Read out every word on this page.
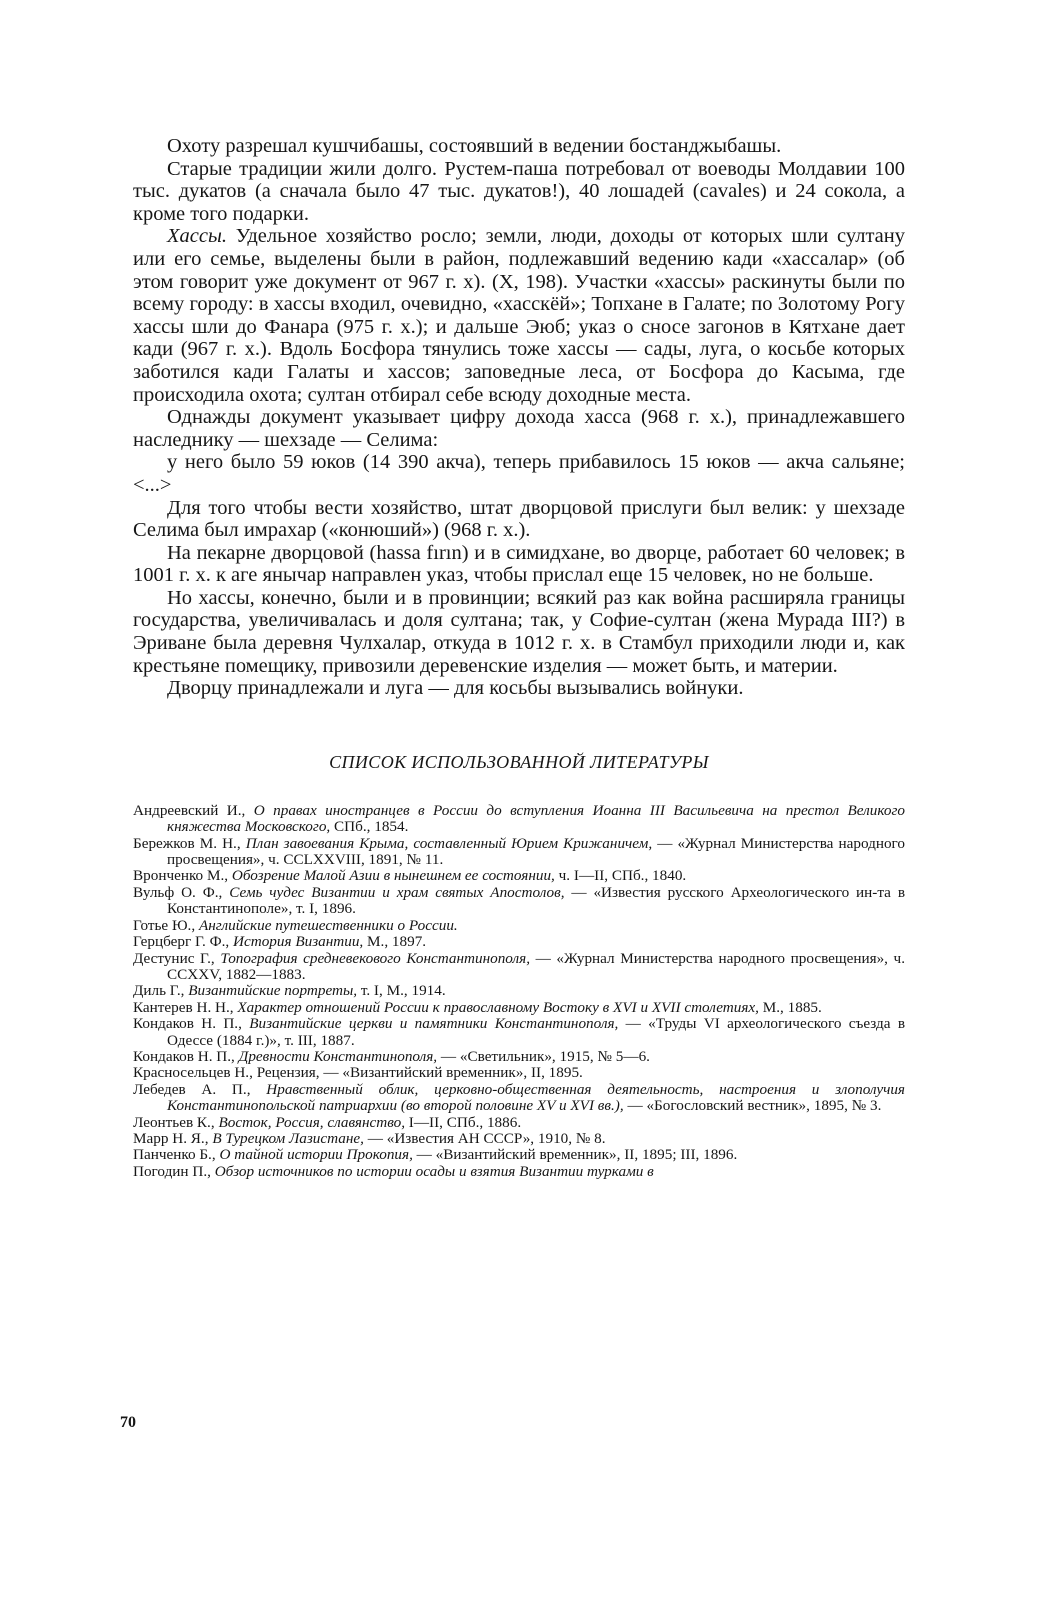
Охоту разрешал кушчибашы, состоявший в ведении бостанджыбашы.

Старые традиции жили долго. Рустем-паша потребовал от воеводы Молдавии 100 тыс. дукатов (а сначала было 47 тыс. дукатов!), 40 лошадей (cavales) и 24 сокола, а кроме того подарки.

Хассы. Удельное хозяйство росло; земли, люди, доходы от которых шли султану или его семье, выделены были в район, подлежавший ведению кади «хассалар» (об этом говорит уже документ от 967 г. х). (X, 198). Участки «хассы» раскинуты были по всему городу: в хассы входил, очевидно, «хасскёй»; Топхане в Галате; по Золотому Рогу хассы шли до Фанара (975 г. х.); и дальше Эюб; указ о сносе загонов в Кятхане дает кади (967 г. х.). Вдоль Босфора тянулись тоже хассы — сады, луга, о косьбе которых заботился кади Галаты и хассов; заповедные леса, от Босфора до Касыма, где происходила охота; султан отбирал себе всюду доходные места.

Однажды документ указывает цифру дохода хасса (968 г. х.), принадлежавшего наследнику — шехзаде — Селима:

у него было 59 юков (14 390 акча), теперь прибавилось 15 юков — акча сальяне; <...>

Для того чтобы вести хозяйство, штат дворцовой прислуги был велик: у шехзаде Селима был имрахар («конюший») (968 г. х.).

На пекарне дворцовой (hassa fırın) и в симидхане, во дворце, работает 60 человек; в 1001 г. х. к аге янычар направлен указ, чтобы прислал еще 15 человек, но не больше.

Но хассы, конечно, были и в провинции; всякий раз как война расширяла границы государства, увеличивалась и доля султана; так, у Софие-султан (жена Мурада III?) в Эриване была деревня Чулхалар, откуда в 1012 г. х. в Стамбул приходили люди и, как крестьяне помещику, привозили деревенские изделия — может быть, и материи.

Дворцу принадлежали и луга — для косьбы вызывались войнуки.

СПИСОК ИСПОЛЬЗОВАННОЙ ЛИТЕРАТУРЫ
Андреевский И., О правах иностранцев в России до вступления Иоанна III Васильевича на престол Великого княжества Московского, СПб., 1854.
Бережков М. Н., План завоевания Крыма, составленный Юрием Крижаничем, — «Журнал Министерства народного просвещения», ч. CCLXXVIII, 1891, № 11.
Вронченко М., Обозрение Малой Азии в нынешнем ее состоянии, ч. I—II, СПб., 1840.
Вульф О. Ф., Семь чудес Византии и храм святых Апостолов, — «Известия русского Археологического ин-та в Константинополе», т. I, 1896.
Готье Ю., Английские путешественники о России.
Герцберг Г. Ф., История Византии, М., 1897.
Дестунис Г., Топография средневекового Константинополя, — «Журнал Министерства народного просвещения», ч. CCXXV, 1882—1883.
Диль Г., Византийские портреты, т. I, М., 1914.
Кантерев Н. Н., Характер отношений России к православному Востоку в XVI и XVII столетиях, М., 1885.
Кондаков Н. П., Византийские церкви и памятники Константинополя, — «Труды VI археологического съезда в Одессе (1884 г.)», т. III, 1887.
Кондаков Н. П., Древности Константинополя, — «Светильник», 1915, № 5—6.
Красносельцев Н., Рецензия, — «Византийский временник», II, 1895.
Лебедев А. П., Нравственный облик, церковно-общественная деятельность, настроения и злополучия Константинопольской патриархии (во второй половине XV и XVI вв.), — «Богословский вестник», 1895, № 3.
Леонтьев К., Восток, Россия, славянство, I—II, СПб., 1886.
Марр Н. Я., В Турецком Лазистане, — «Известия АН СССР», 1910, № 8.
Панченко Б., О тайной истории Прокопия, — «Византийский временник», II, 1895; III, 1896.
Погодин П., Обзор источников по истории осады и взятия Византии турками в
70
